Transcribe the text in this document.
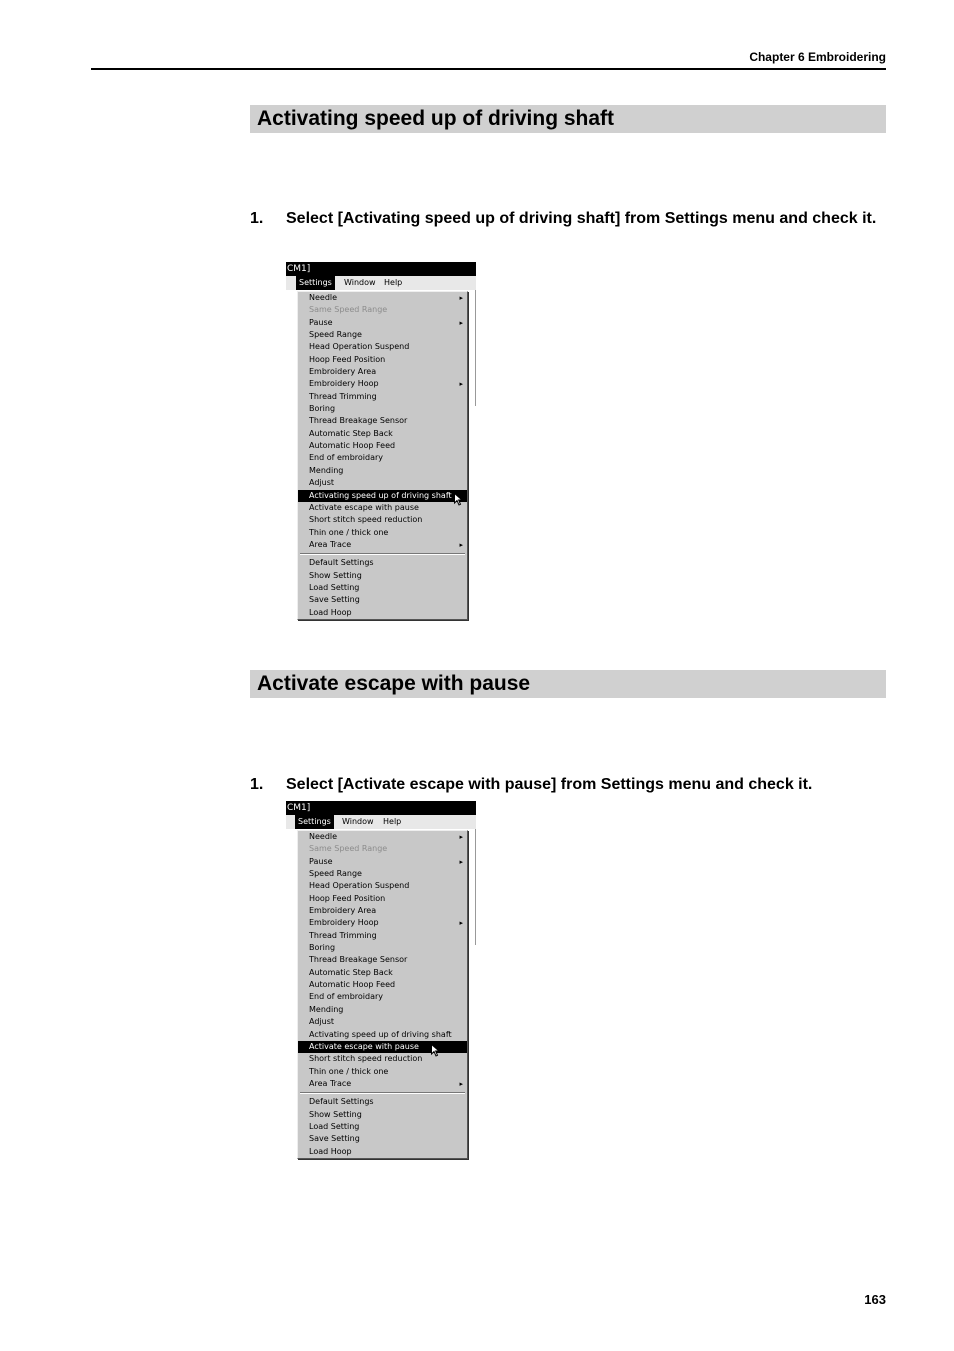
Chapter 6 Embroidering
Activating speed up of driving shaft
1. Select [Activating speed up of driving shaft] from Settings menu and check it.
CM1]
Settings	Window Help
Needle	▸
Same Speed Range
Pause	▸
Speed Range
Head Operation Suspend
Hoop Feed Position
Embroidery Area
Embroidery Hoop	▸
Thread Trimming
Boring
Thread Breakage Sensor
Automatic Step Back
Automatic Hoop Feed
End of embroidary
Mending
Adjust
Activating speed up of driving shaft
Activate escape with pause
Short stitch speed reduction
Thin one / thick one
Area Trace	▸
Default Settings
Show Setting
Load Setting
Save Setting
Load Hoop
Activate escape with pause
1. Select [Activate escape with pause] from Settings menu and check it.
CM1]
Settings	Window Help
Needle	▸
Same Speed Range
Pause	▸
Speed Range
Head Operation Suspend
Hoop Feed Position
Embroidery Area
Embroidery Hoop	▸
Thread Trimming
Boring
Thread Breakage Sensor
Automatic Step Back
Automatic Hoop Feed
End of embroidary
Mending
Adjust
Activating speed up of driving shaft
Activate escape with pause
Short stitch speed reduction
Thin one / thick one
Area Trace	▸
Default Settings
Show Setting
Load Setting
Save Setting
Load Hoop
163
